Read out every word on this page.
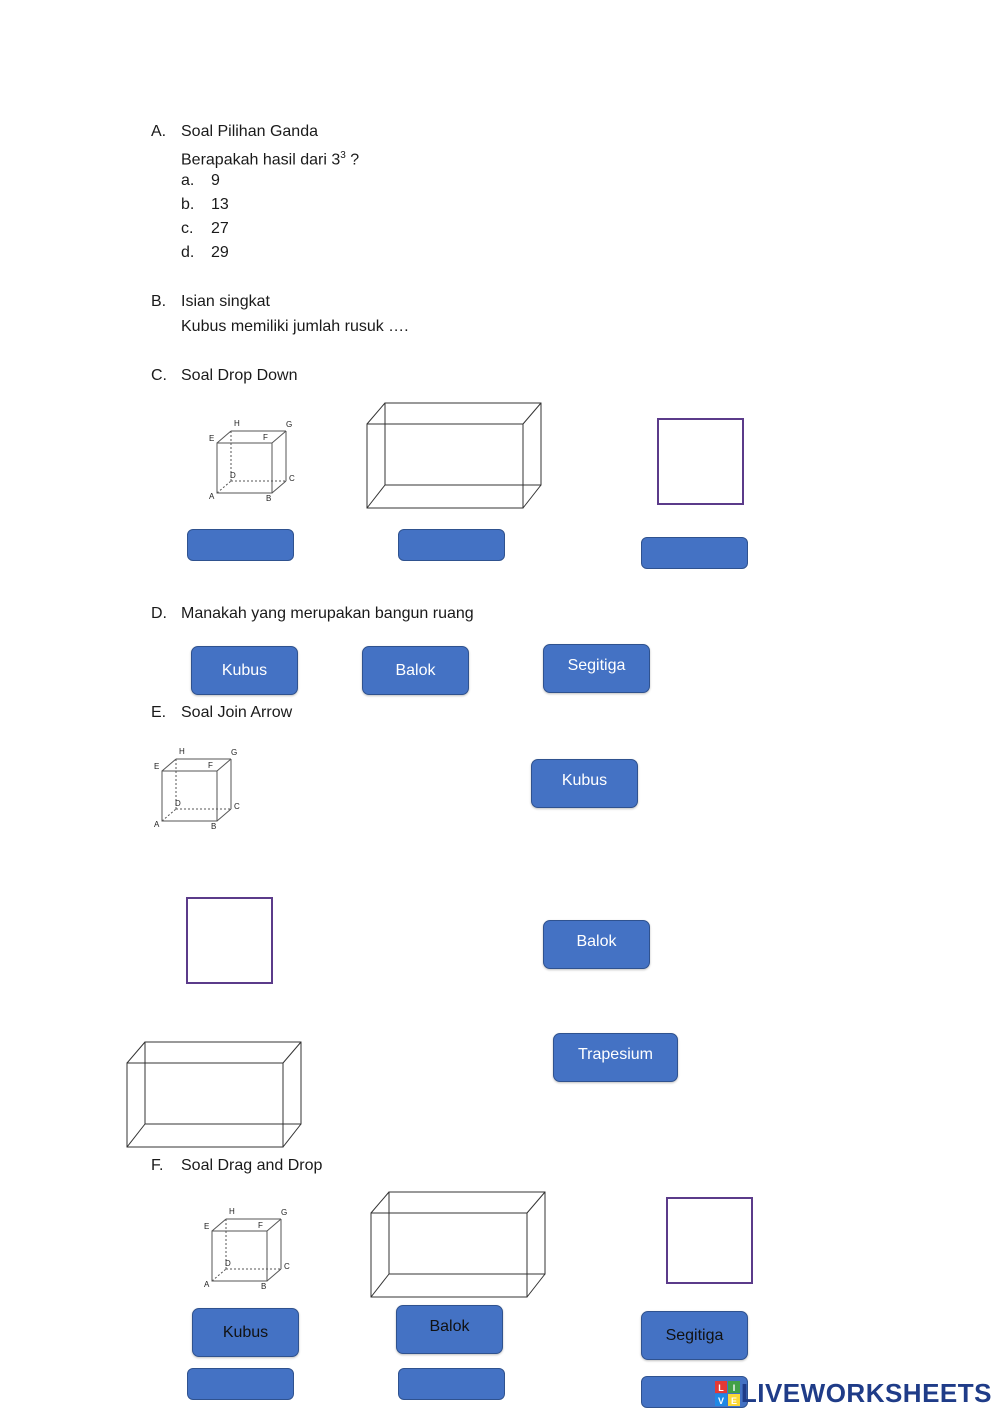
A. Soal Pilihan Ganda
Berapakah hasil dari $3^3$ ?
a. 9
b. 13
c. 27
d. 29
B. Isian singkat
Kubus memiliki jumlah rusuk ….
C. Soal Drop Down
A	B
C
D
E	F
G
H
D. Manakah yang merupakan bangun ruang
Kubus	Balok	Segitiga
E. Soal Join Arrow
A	B
C
D
E	F
G
H
Kubus
Balok
Trapesium
F. Soal Drag and Drop
A	B
C
D
E	F
G
H
Kubus	Balok	Segitiga
L I
V E LIVEWORKSHEETS
